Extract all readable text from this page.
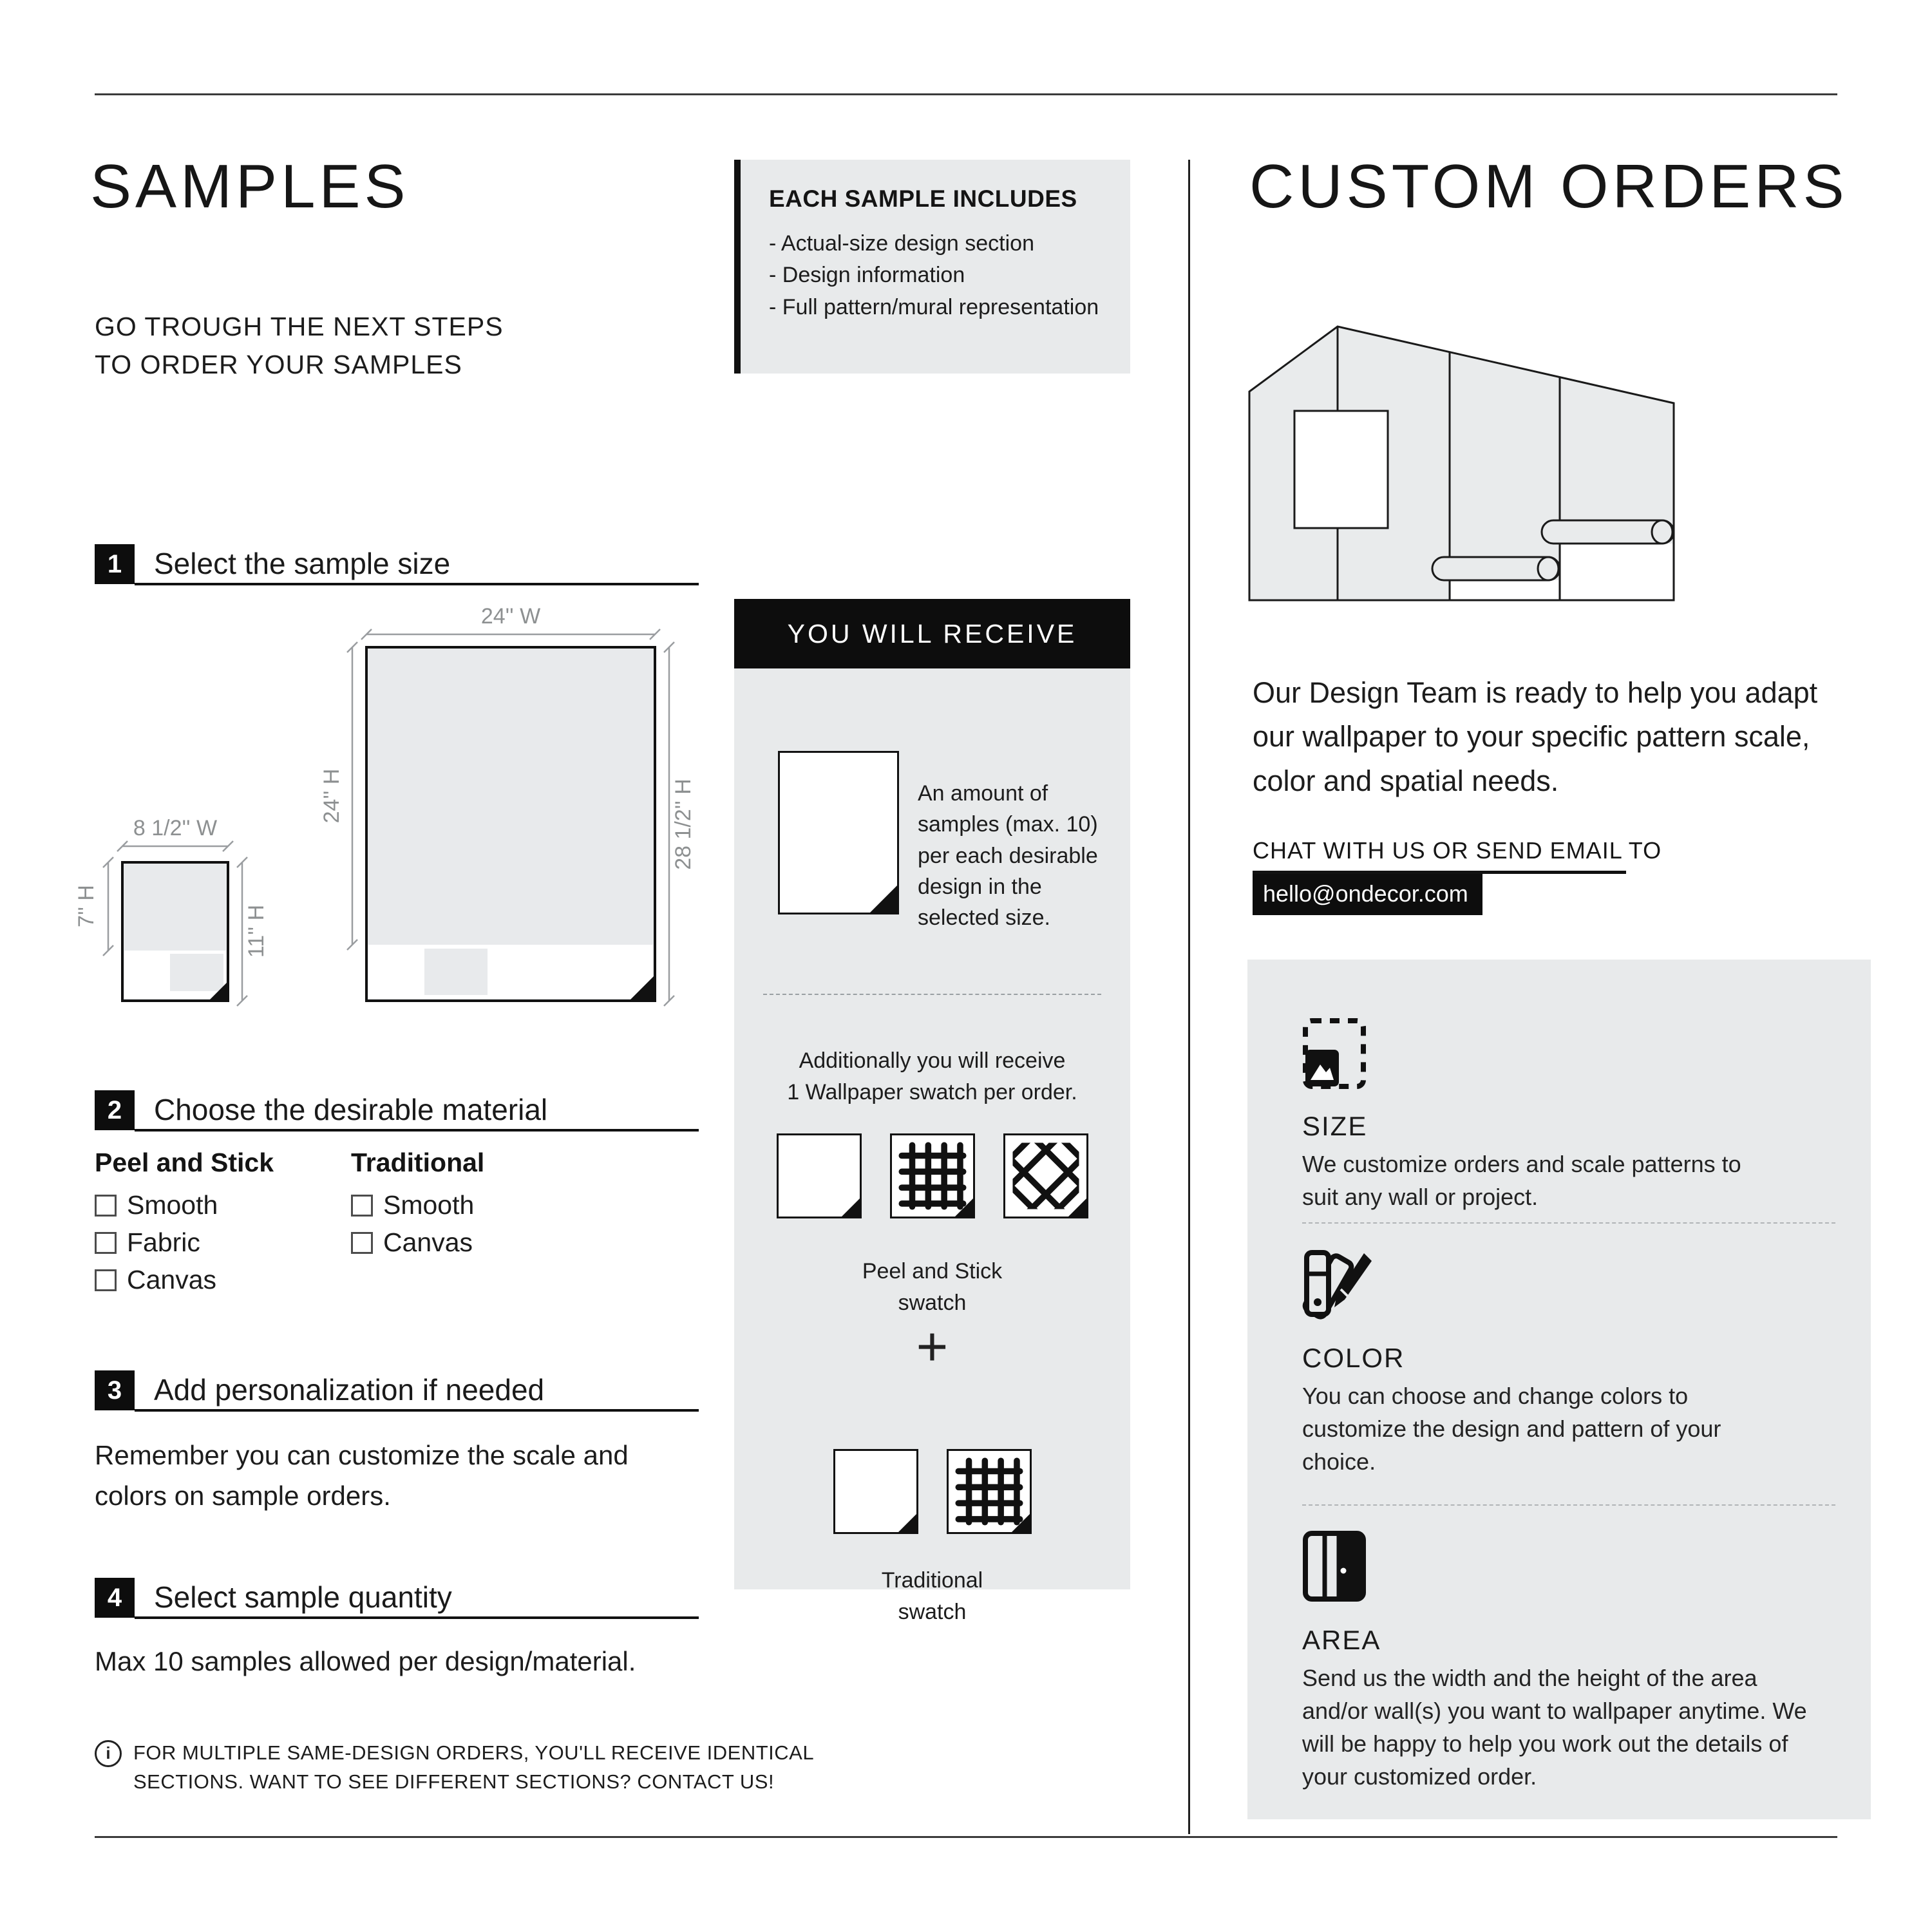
SAMPLES
GO TROUGH THE NEXT STEPS
TO ORDER YOUR SAMPLES
1	Select the sample size
24'' W
24'' H	28 1/2'' H
8 1/2'' W
7'' H	11'' H
2	Choose the desirable material
Peel and Stick	Traditional
Smooth
Fabric
Canvas
Smooth
Canvas
3	Add personalization if needed
Remember you can customize the scale and colors on sample orders.
4	Select sample quantity
Max 10 samples allowed per design/material.
i	FOR MULTIPLE SAME-DESIGN ORDERS, YOU'LL RECEIVE IDENTICAL
SECTIONS. WANT TO SEE DIFFERENT SECTIONS? CONTACT US!
EACH SAMPLE INCLUDES
- Actual-size design section
- Design information
- Full pattern/mural representation
YOU WILL RECEIVE
An amount of samples (max. 10) per each desirable design in the selected size.
Additionally you will receive
1 Wallpaper swatch per order.
Peel and Stick
swatch
+
Traditional
swatch
CUSTOM ORDERS
Our Design Team is ready to help you adapt our wallpaper to your specific pattern scale, color and spatial needs.
CHAT WITH US OR SEND EMAIL TO
hello@ondecor.com
SIZE
We customize orders and scale patterns to suit any wall or project.
COLOR
You can choose and change colors to customize the design and pattern of your choice.
AREA
Send us the width and the height of the area and/or wall(s) you want to wallpaper anytime. We will be happy to help you work out the details of your customized order.
